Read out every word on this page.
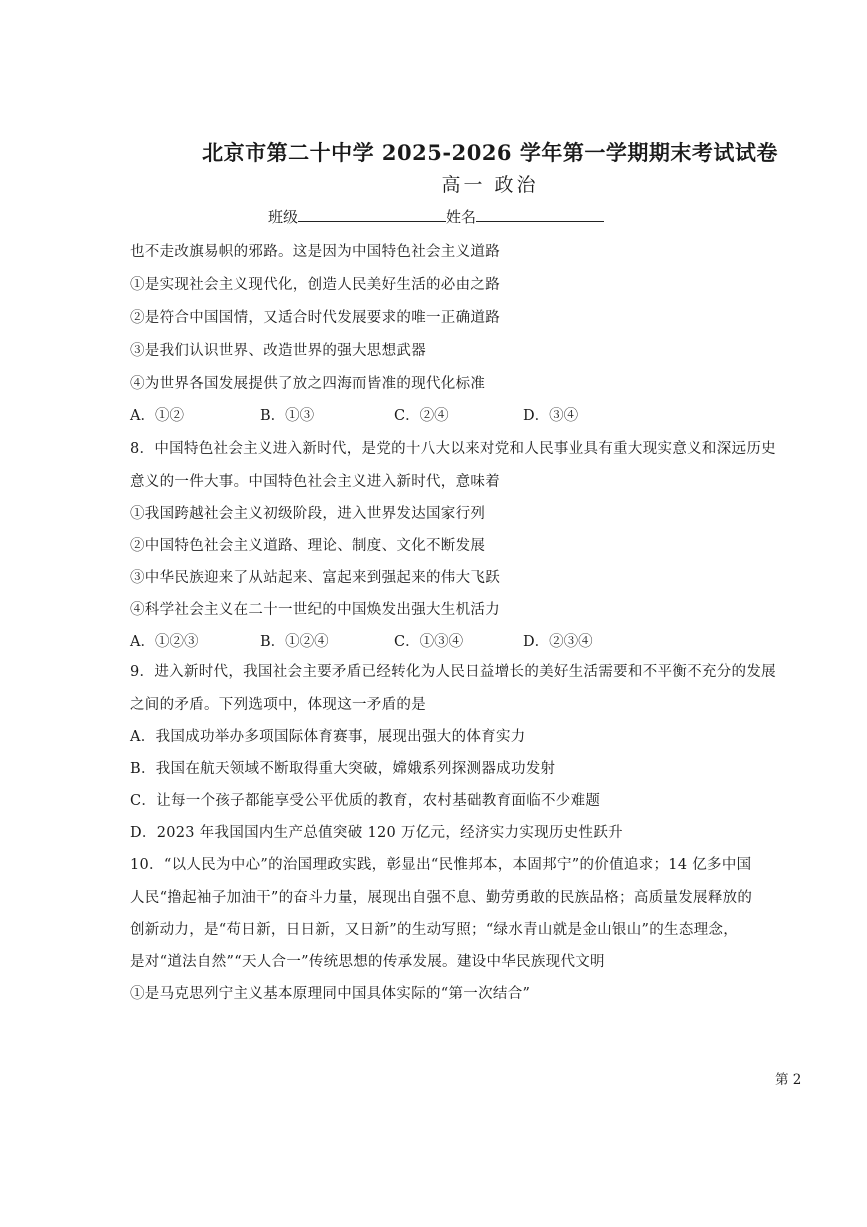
北京市第二十中学 2025-2026 学年第一学期期末考试试卷
高一 政治
班级	姓名
也不走改旗易帜的邪路。这是因为中国特色社会主义道路
①是实现社会主义现代化，创造人民美好生活的必由之路
②是符合中国国情，又适合时代发展要求的唯一正确道路
③是我们认识世界、改造世界的强大思想武器
④为世界各国发展提供了放之四海而皆准的现代化标准
A．①②	B．①③	C．②④	D．③④
8．中国特色社会主义进入新时代，是党的十八大以来对党和人民事业具有重大现实意义和深远历史
意义的一件大事。中国特色社会主义进入新时代，意味着
①我国跨越社会主义初级阶段，进入世界发达国家行列
②中国特色社会主义道路、理论、制度、文化不断发展
③中华民族迎来了从站起来、富起来到强起来的伟大飞跃
④科学社会主义在二十一世纪的中国焕发出强大生机活力
A．①②③	B．①②④	C．①③④	D．②③④
9．进入新时代，我国社会主要矛盾已经转化为人民日益增长的美好生活需要和不平衡不充分的发展
之间的矛盾。下列选项中，体现这一矛盾的是
A．我国成功举办多项国际体育赛事，展现出强大的体育实力
B．我国在航天领域不断取得重大突破，嫦娥系列探测器成功发射
C．让每一个孩子都能享受公平优质的教育，农村基础教育面临不少难题
D．2023 年我国国内生产总值突破 120 万亿元，经济实力实现历史性跃升
10．“以人民为中心”的治国理政实践，彰显出“民惟邦本，本固邦宁”的价值追求；14 亿多中国
人民“撸起袖子加油干”的奋斗力量，展现出自强不息、勤劳勇敢的民族品格；高质量发展释放的
创新动力，是“苟日新，日日新，又日新”的生动写照；“绿水青山就是金山银山”的生态理念，
是对“道法自然”“天人合一”传统思想的传承发展。建设中华民族现代文明
①是马克思列宁主义基本原理同中国具体实际的“第一次结合”
第 2
